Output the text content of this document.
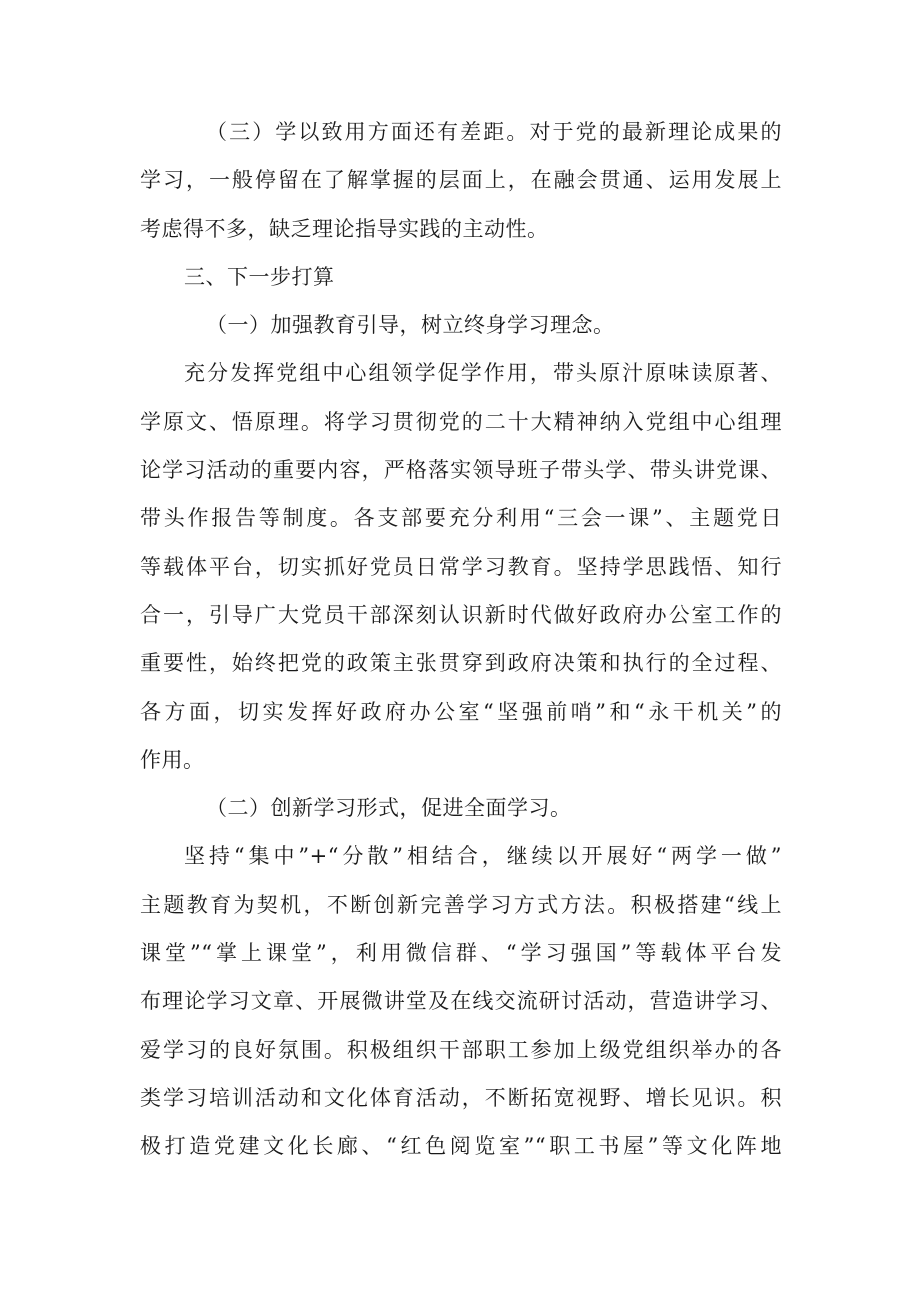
（三）学以致用方面还有差距。对于党的最新理论成果的
学习，一般停留在了解掌握的层面上，在融会贯通、运用发展上
考虑得不多，缺乏理论指导实践的主动性。
三、下一步打算
（一）加强教育引导，树立终身学习理念。
充分发挥党组中心组领学促学作用，带头原汁原味读原著、
学原文、悟原理。将学习贯彻党的二十大精神纳入党组中心组理
论学习活动的重要内容，严格落实领导班子带头学、带头讲党课、
带头作报告等制度。各支部要充分利用“三会一课”、主题党日
等载体平台，切实抓好党员日常学习教育。坚持学思践悟、知行
合一，引导广大党员干部深刻认识新时代做好政府办公室工作的
重要性，始终把党的政策主张贯穿到政府决策和执行的全过程、
各方面，切实发挥好政府办公室“坚强前哨”和“永干机关”的
作用。
（二）创新学习形式，促进全面学习。
坚持“集中”+“分散”相结合，继续以开展好“两学一做”
主题教育为契机，不断创新完善学习方式方法。积极搭建“线上
课堂”“掌上课堂”，利用微信群、“学习强国”等载体平台发
布理论学习文章、开展微讲堂及在线交流研讨活动，营造讲学习、
爱学习的良好氛围。积极组织干部职工参加上级党组织举办的各
类学习培训活动和文化体育活动，不断拓宽视野、增长见识。积
极打造党建文化长廊、“红色阅览室”“职工书屋”等文化阵地
